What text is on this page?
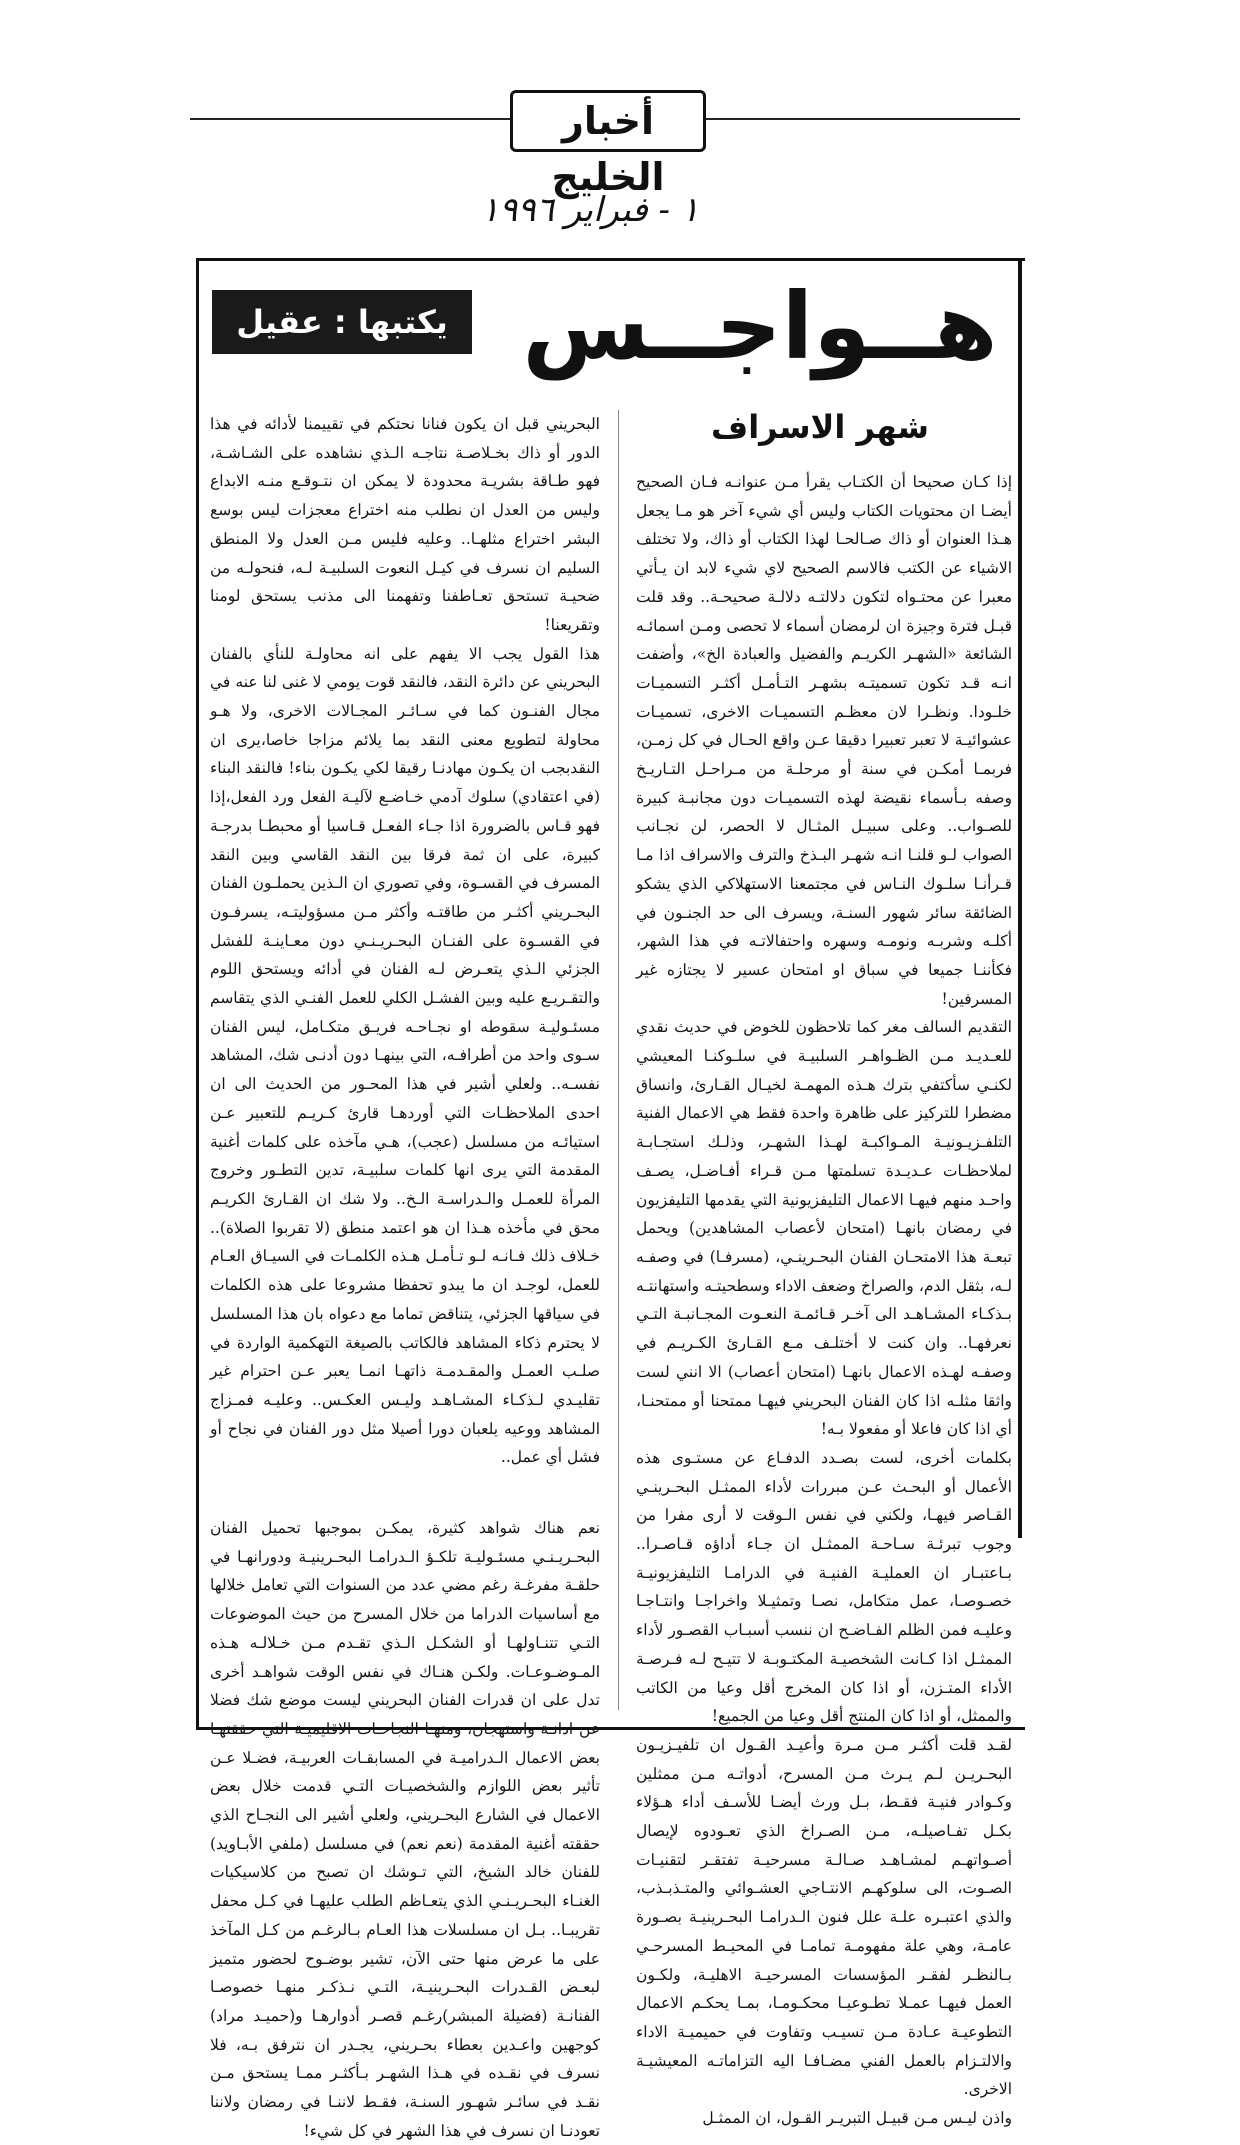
أخبار الخليج
١ - فبراير ١٩٩٦
هــواجــس
يكتبها : عقيل سوار
شهر الاسراف

إذا كـان صحيحا أن الكتـاب يقرأ مـن عنوانـه فـان الصحيح أيضـا ان محتويات الكتاب وليس أي شيء آخر هو مـا يجعل هـذا العنوان أو ذاك صـالحـا لهذا الكتاب أو ذاك، ولا تختلف الاشياء عن الكتب فالاسم الصحيح لاي شيء لابد ان يـأتي معبرا عن محتـواه لتكون دلالتـه دلالـة صحيحـة.. وقد قلت قبـل فترة وجيزة ان لرمضان أسماء لا تحصى ومـن اسمائـه الشائعة «الشهـر الكريـم والفضيل والعبادة الخ»، وأضفت انـه قـد تكون تسميتـه بشهـر التـأمـل أكثـر التسميـات خلـودا. ونظـرا لان معظـم التسميـات الاخرى، تسميـات عشوائيـة لا تعبر تعبيرا دقيقا عـن واقع الحـال في كل زمـن، فربمـا أمكـن في سنة أو مرحلـة من مـراحـل التـاريـخ وصفه بـأسماء نقيضة لهذه التسميـات دون مجانبـة كبيرة للصـواب.. وعلى سبيـل المثـال لا الحصر، لن نجـانب الصواب لـو قلنـا انـه شهـر البـذخ والترف والاسراف اذا مـا قـرأنـا سلـوك النـاس في مجتمعنا الاستهلاكي الذي يشكو الضائقة سائر شهور السنـة، ويسرف الى حد الجنـون في أكلـه وشربـه ونومـه وسهره واحتفالاتـه في هذا الشهر، فكأننـا جميعا في سباق او امتحان عسير لا يجتازه غير المسرفين!

التقديم السالف مغر كما تلاحظون للخوض في حديث نقدي للعـديـد مـن الظـواهـر السلبيـة في سلـوكنـا المعيشي لكنـي سأكتفي بترك هـذه المهمـة لخيـال القـارئ، وانساق مضطرا للتركيز على ظاهرة واحدة فقط هي الاعمال الفنية التلفـزيـونيـة المـواكبـة لهـذا الشهـر، وذلـك استجـابـة لملاحظـات عـديـدة تسلمتها مـن قـراء أفـاضـل، يصـف واحـد منهم فيهـا الاعمال التليفزيونية التي يقدمها التليفزيون في رمضان بانهـا (امتحان لأعصاب المشاهدين) ويحمل تبعـة هذا الامتحـان الفنان البحـرينـي، (مسرفـا) في وصفـه لـه، بثقل الدم، والصراخ وضعف الاداء وسطحيتـه واستهانتـه بـذكـاء المشـاهـد الى آخـر قـائمـة النعـوت المجـانبـة التـي نعرفهـا.. وان كنت لا أختلـف مـع القـارئ الكـريـم في وصفـه لهـذه الاعمال بانهـا (امتحان أعصاب) الا انني لست واثقا مثلـه اذا كان الفنان البحريني فيهـا ممتحنا أو ممتحنـا، أي اذا كان فاعلا أو مفعولا بـه!

بكلمات أخرى، لست بصـدد الدفـاع عن مستـوى هذه الأعمال أو البحـث عـن مبررات لأداء الممثـل البحـرينـي القـاصر فيهـا، ولكني في نفس الـوقت لا أرى مفرا من وجوب تبرئـة سـاحـة الممثـل ان جـاء أداؤه قـاصـرا.. بـاعتبـار ان العمليـة الفنيـة في الدرامـا التليفزيونيـة خصـوصـا، عمل متكامل، نصـا وتمثيـلا واخراجـا وانتـاجـا وعليـه فمن الظلم الفـاضـح ان ننسب أسبـاب القصـور لأداء الممثـل اذا كـانت الشخصيـة المكتـوبـة لا تتيـح لـه فـرصـة الأداء المتـزن، أو اذا كان المخرج أقل وعيا من الكاتب والممثل، أو اذا كان المنتج أقل وعيا من الجميع!

لقـد قلت أكثـر مـن مـرة وأعيـد القـول ان تلفيـزيـون البحـريـن لـم يـرث مـن المسرح، أدواتـه مـن ممثلين وكـوادر فنيـة فقـط، بـل ورث أيضـا للأسـف أداء هـؤلاء بكـل تفـاصيلـه، مـن الصـراخ الذي تعـودوه لإيصال أصـواتهـم لمشـاهـد صـالـة مسرحيـة تفتقـر لتقنيـات الصـوت، الى سلوكهـم الانتـاجي العشـوائي والمتـذبـذب، والذي اعتبـره علـة علل فنون الـدرامـا البحـرينيـة بصـورة عامـة، وهي علة مفهومـة تمامـا في المحيـط المسرحـي بـالنظـر لفقـر المؤسسات المسرحيـة الاهليـة، ولكـون العمل فيهـا عمـلا تطـوعيـا محكـومـا، بمـا يحكـم الاعمال التطوعيـة عـادة مـن تسيـب وتفاوت في حميميـة الاداء والالتـزام بالعمل الفني مضـافـا اليه التزاماتـه المعيشيـة الاخرى.

واذن ليـس مـن قبيـل التبريـر القـول، ان الممثـل

البحريني قبل ان يكون فنانا نحتكم في تقييمنا لأدائه في هذا الدور أو ذاك بخـلاصـة نتاجـه الـذي نشاهده على الشـاشـة، فهو طـاقة بشريـة محدودة لا يمكن ان نتـوقـع منـه الابداع وليس من العدل ان نطلب منه اختراع معجزات ليس بوسع البشر اختراع مثلهـا.. وعليه فليس مـن العدل ولا المنطق السليم ان نسرف في كيـل النعوت السلبيـة لـه، فنحولـه من ضحيـة تستحق تعـاطفنا وتفهمنا الى مذنب يستحق لومنا وتقريعنا!

هذا القول يجب الا يفهم على انه محاولـة للنأي بالفنان البحريني عن دائرة النقد، فالنقد قوت يومي لا غنى لنا عنه في مجال الفنـون كما في سـائـر المجـالات الاخرى، ولا هـو محاولة لتطويع معنى النقد بما يلائم مزاجا خاصا،يرى ان النقدبجب ان يكـون مهادنـا رقيقا لكي يكـون بناء! فالنقد البناء (في اعتقادي) سلوك آدمي خـاضـع لآليـة الفعل ورد الفعل،إذا فهو قـاس بالضرورة اذا جـاء الفعـل قـاسيا أو محبطـا بدرجـة كبيرة، على ان ثمة فرقا بين النقد القاسي وبين النقد المسرف في القسـوة، وفي تصوري ان الـذين يحملـون الفنان البحـريني أكثـر من طاقتـه وأكثر مـن مسؤوليتـه، يسرفـون في القسـوة على الفنـان البحـريـنـي دون معـاينـة للفشل الجزئي الـذي يتعـرض لـه الفنان في أدائه ويستحق اللوم والتقـريـع عليه وبين الفشـل الكلي للعمل الفنـي الذي يتقاسم مسئـوليـة سقوطه او نجـاحـه فريـق متكـامل، ليس الفنان سـوى واحد من أطرافـه، التي بينهـا دون أدنـى شك، المشاهد نفسـه.. ولعلي أشير في هذا المحـور من الحديث الى ان احدى الملاحظـات التي أوردهـا قارئ كـريـم للتعبير عـن استيائـه من مسلسل (عجب)، هـي مآخذه على كلمات أغنية المقدمة التي يرى انها كلمات سلبيـة، تدين التطـور وخروج المرأة للعمـل والـدراسـة الـخ.. ولا شك ان القـارئ الكريـم محق في مأخذه هـذا ان هو اعتمد منطق (لا تقربوا الصلاة).. خـلاف ذلك فـانـه لـو تـأمـل هـذه الكلمـات في السيـاق العـام للعمل، لوجـد ان ما يبدو تحفظا مشروعا على هذه الكلمات في سياقها الجزئي، يتناقض تماما مع دعواه بان هذا المسلسل لا يحترم ذكاء المشاهد فالكاتب بالصيغة التهكمية الواردة في صلـب العمـل والمقـدمـة ذاتهـا انمـا يعبر عـن احترام غير تقليـدي لـذكـاء المشـاهـد وليـس العكـس.. وعليـه فمـزاج المشاهد ووعيه يلعبان دورا أصيلا مثل دور الفنان في نجاح أو فشل أي عمل..

نعم هناك شواهد كثيرة، يمكـن بموجبها تحميل الفنان البحـريـنـي مسئـوليـة تلكـؤ الـدرامـا البحـرينيـة ودورانهـا في حلقـة مفرغـة رغم مضي عدد من السنوات التي تعامل خلالها مع أساسيات الدراما من خلال المسرح من حيث الموضوعات التـي تتنـاولهـا أو الشكـل الـذي تقـدم مـن خـلالـه هـذه المـوضـوعـات. ولكـن هنـاك في نفس الوقت شواهـد أخرى تدل على ان قدرات الفنان البحريني ليست موضع شك فضلا عن ادانـة واستهجان، ومنهـا النجاحـات الاقليميـة التي حققتهـا بعض الاعمال الـدراميـة في المسابقـات العربيـة، فضـلا عـن تأثير بعض اللوازم والشخصيـات التـي قدمت خلال بعض الاعمال في الشارع البحـريني، ولعلي أشير الى النجـاح الذي حققته أغنية المقدمة (نعم نعم) في مسلسل (ملفي الأبـاويد) للفنان خالد الشيخ، التي تـوشك ان تصبح من كلاسيكيات الغنـاء البحـريـنـي الذي يتعـاظم الطلب عليهـا في كـل محفل تقريبـا.. بـل ان مسلسلات هذا العـام بـالرغـم من كـل المآخذ على ما عرض منها حتى الآن، تشير بوضـوح لحضور متميز لبعـض القـدرات البحـرينيـة، التـي نـذكـر منهـا خصوصـا الفنانـة (فضيلة المبشر)رغـم قصـر أدوارهـا و(حميـد مراد) كوجهين واعـدين بعطاء بحـريني، يجـدر ان نترفق بـه، فلا نسرف في نقـده في هـذا الشهـر بـأكثـر ممـا يستحق مـن نقـد في سائـر شهـور السنـة، فقـط لاننـا في رمضان ولاننا تعودنـا ان نسرف في هذا الشهر في كل شيء!
